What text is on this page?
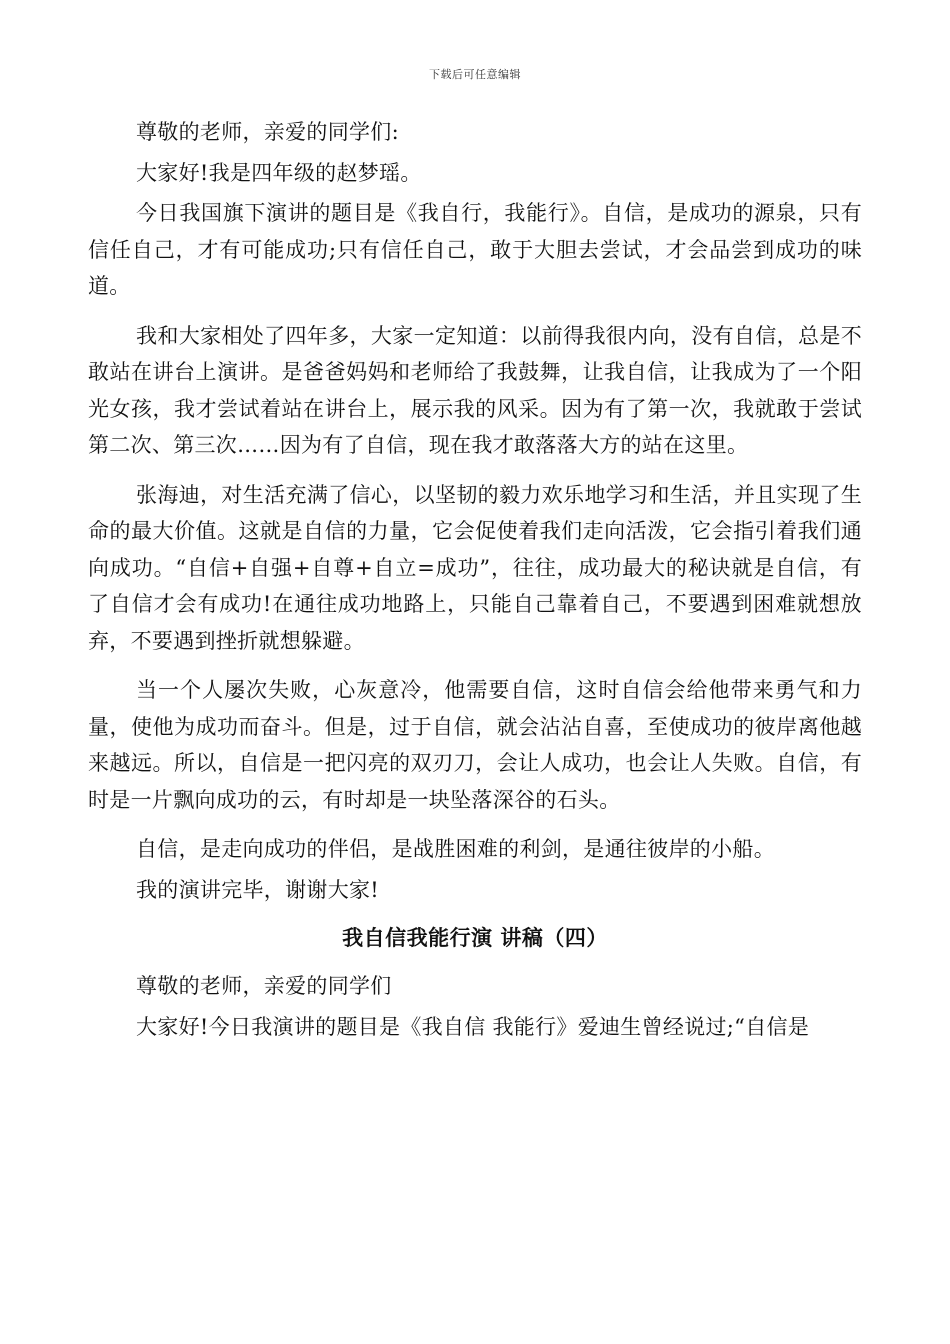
下载后可任意编辑

尊敬的老师，亲爱的同学们:

大家好!我是四年级的赵梦瑶。

今日我国旗下演讲的题目是《我自行，我能行》。自信，是成功的源泉，只有信任自己，才有可能成功;只有信任自己，敢于大胆去尝试，才会品尝到成功的味道。

我和大家相处了四年多，大家一定知道：以前得我很内向，没有自信，总是不敢站在讲台上演讲。是爸爸妈妈和老师给了我鼓舞，让我自信，让我成为了一个阳光女孩，我才尝试着站在讲台上，展示我的风采。因为有了第一次，我就敢于尝试第二次、第三次……因为有了自信，现在我才敢落落大方的站在这里。

张海迪，对生活充满了信心，以坚韧的毅力欢乐地学习和生活，并且实现了生命的最大价值。这就是自信的力量，它会促使着我们走向活泼，它会指引着我们通向成功。“自信+自强+自尊+自立=成功”，往往，成功最大的秘诀就是自信，有了自信才会有成功!在通往成功地路上，只能自己靠着自己，不要遇到困难就想放弃，不要遇到挫折就想躲避。

当一个人屡次失败，心灰意冷，他需要自信，这时自信会给他带来勇气和力量，使他为成功而奋斗。但是，过于自信，就会沾沾自喜，至使成功的彼岸离他越来越远。所以，自信是一把闪亮的双刃刀，会让人成功，也会让人失败。自信，有时是一片飘向成功的云，有时却是一块坠落深谷的石头。

自信，是走向成功的伴侣，是战胜困难的利剑，是通往彼岸的小船。

我的演讲完毕，谢谢大家!

我自信我能行演 讲稿（四）

尊敬的老师，亲爱的同学们

大家好!今日我演讲的题目是《我自信 我能行》爱迪生曾经说过;“自信是
